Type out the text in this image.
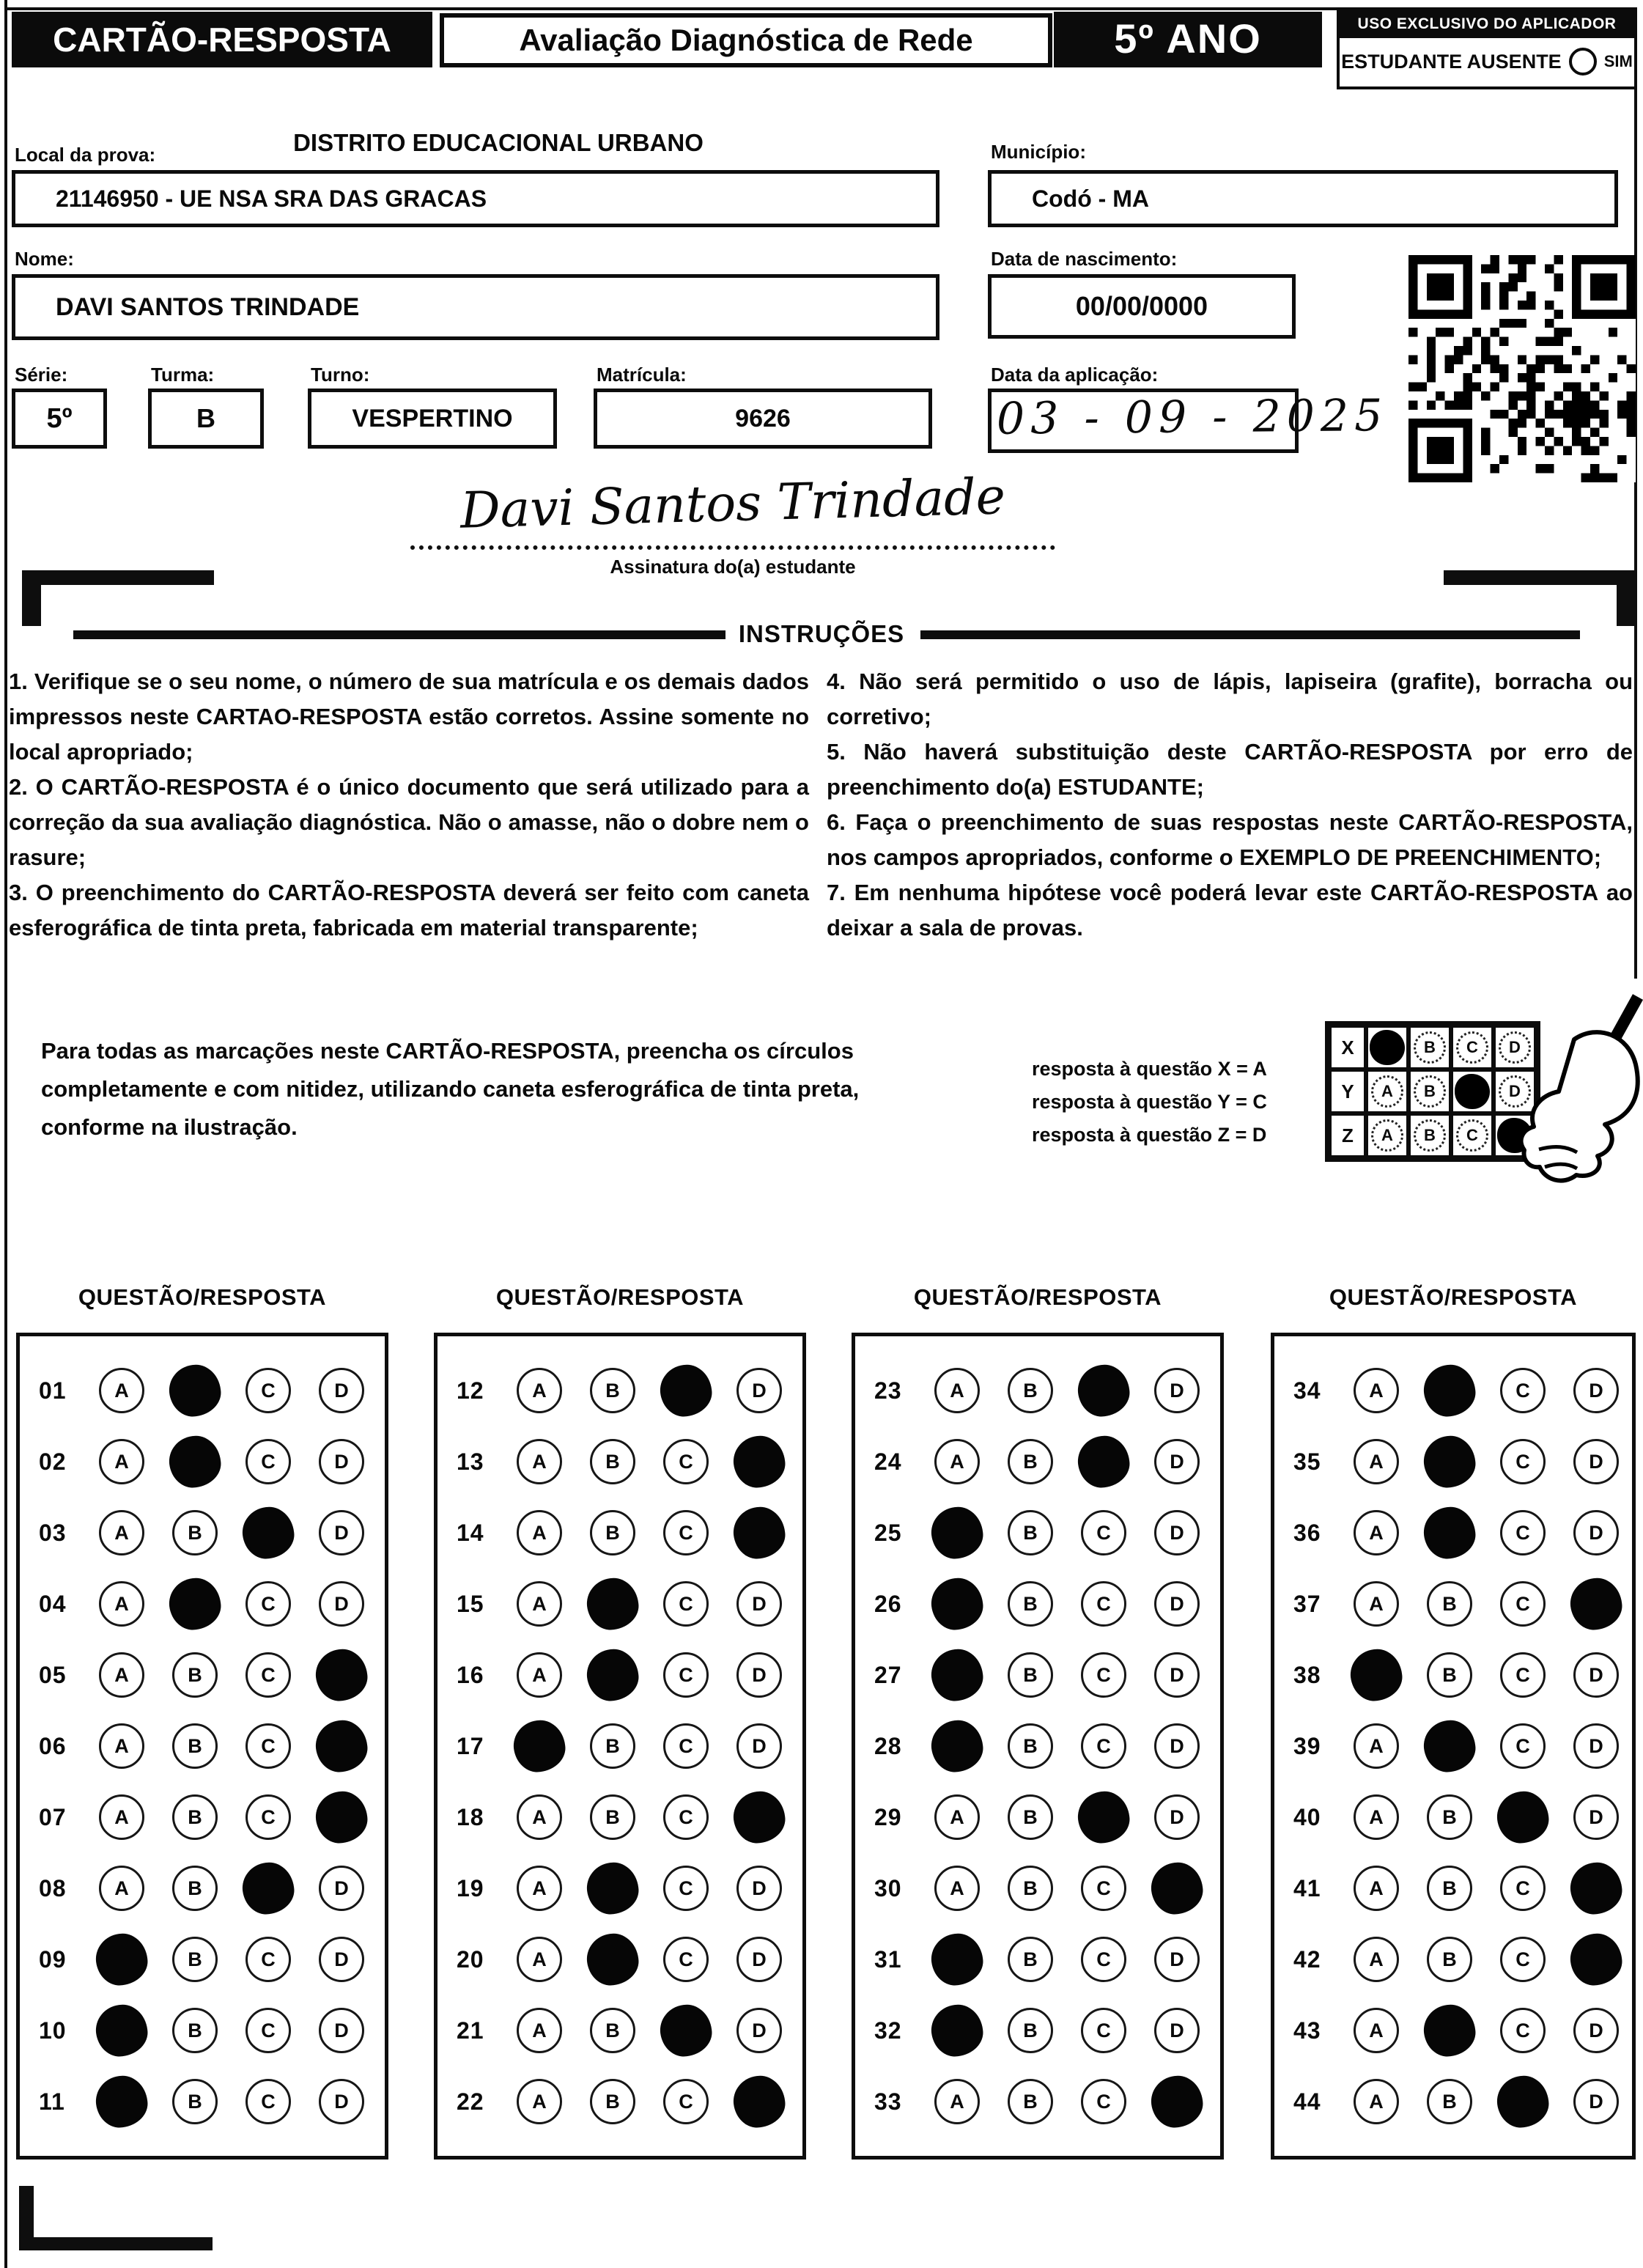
CARTÃO-RESPOSTA	Avaliação Diagnóstica de Rede	5º ANO	USO EXCLUSIVO DO APLICADOR
ESTUDANTE AUSENTE	SIM
Local da prova:	DISTRITO EDUCACIONAL URBANO	Município:
21146950 - UE NSA SRA DAS GRACAS	Codó - MA
Nome:
DAVI SANTOS TRINDADE
Data de nascimento:
00/00/0000
Série:
5º
Turma:
B
Turno:
VESPERTINO
Matrícula:
9626
Data da aplicação:
03 - 09 - 2025
Davi Santos Trindade
Assinatura do(a) estudante
INSTRUÇÕES
1. Verifique se o seu nome, o número de sua matrícula e os demais dados impressos neste CARTAO-RESPOSTA estão corretos. Assine somente no local apropriado;
2. O CARTÃO-RESPOSTA é o único documento que será utilizado para a correção da sua avaliação diagnóstica. Não o amasse, não o dobre nem o rasure;
3. O preenchimento do CARTÃO-RESPOSTA deverá ser feito com caneta esferográfica de tinta preta, fabricada em material transparente;
4. Não será permitido o uso de lápis, lapiseira (grafite), borracha ou corretivo;
5. Não haverá substituição deste CARTÃO-RESPOSTA por erro de preenchimento do(a) ESTUDANTE;
6. Faça o preenchimento de suas respostas neste CARTÃO-RESPOSTA, nos campos apropriados, conforme o EXEMPLO DE PREENCHIMENTO;
7. Em nenhuma hipótese você poderá levar este CARTÃO-RESPOSTA ao deixar a sala de provas.
Para todas as marcações neste CARTÃO-RESPOSTA, preencha os círculos completamente e com nitidez, utilizando caneta esferográfica de tinta preta, conforme na ilustração.
resposta à questão X = A
resposta à questão Y = C
resposta à questão Z = D
X	B C D
Y	A B	D
Z	A B C
QUESTÃO/RESPOSTA
01	A	C	D
02	A	C	D
03	A	B	D
04	A	C	D
05	A	B	C
06	A	B	C
07	A	B	C
08	A	B	D
09	B	C	D
10	B	C	D
11	B	C	D
QUESTÃO/RESPOSTA
12	A	B	D
13	A	B	C
14	A	B	C
15	A	C	D
16	A	C	D
17	B	C	D
18	A	B	C
19	A	C	D
20	A	C	D
21	A	B	D
22	A	B	C
QUESTÃO/RESPOSTA
23	A	B	D
24	A	B	D
25	B	C	D
26	B	C	D
27	B	C	D
28	B	C	D
29	A	B	D
30	A	B	C
31	B	C	D
32	B	C	D
33	A	B	C
QUESTÃO/RESPOSTA
34	A	C	D
35	A	C	D
36	A	C	D
37	A	B	C
38	B	C	D
39	A	C	D
40	A	B	D
41	A	B	C
42	A	B	C
43	A	C	D
44	A	B	D
